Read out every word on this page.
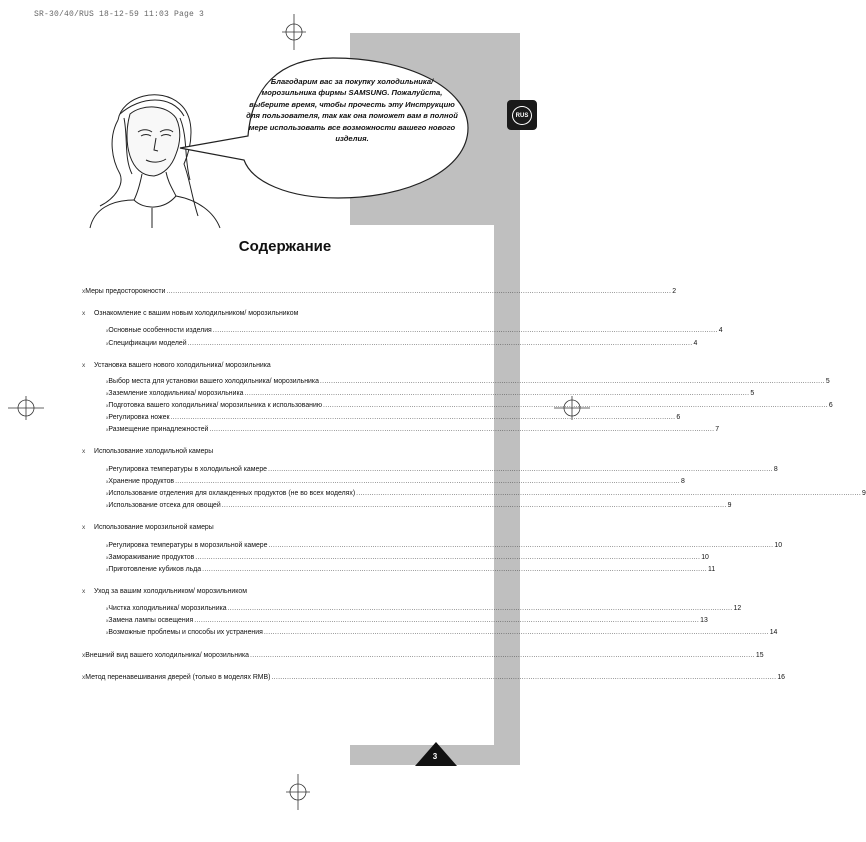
SR-30/40/RUS 18-12-59 11:03 Page 3
RUS
Благодарим вас за покупку холодильника/ морозильника фирмы SAMSUNG. Пожалуйста, выберите время, чтобы прочесть эту Инструкцию для пользователя, так как она поможет вам в полной мере использовать все возможности вашего нового изделия.
Содержание
x Меры предосторожности .................................................................................................................................................................................................................................... 2
x	Ознакомление с вашим новым холодильником/ морозильником
x Основные особенности изделия .................................................................................................................................................................................................................................... 4
x Спецификации моделей .................................................................................................................................................................................................................................... 4
x	Установка вашего нового холодильника/ морозильника
x Выбор места для установки вашего холодильника/ морозильника .................................................................................................................................................................................................................................... 5
x Заземление холодильника/ морозильника .................................................................................................................................................................................................................................... 5
x Подготовка вашего холодильника/ морозильника к использованию .................................................................................................................................................................................................................................... 6
x Регулировка ножек .................................................................................................................................................................................................................................... 6
x Размещение принадлежностей .................................................................................................................................................................................................................................... 7
x	Использование холодильной камеры
x Регулировка температуры в холодильной камере .................................................................................................................................................................................................................................... 8
x Хранение продуктов .................................................................................................................................................................................................................................... 8
x Использование отделения для охлажденных продуктов (не во всех моделях) .................................................................................................................................................................................................................................... 9
x Использование отсека для овощей .................................................................................................................................................................................................................................... 9
x	Использование морозильной камеры
x Регулировка температуры в морозильной камере .................................................................................................................................................................................................................................... 10
x Замораживание продуктов .................................................................................................................................................................................................................................... 10
x Приготовление кубиков льда .................................................................................................................................................................................................................................... 11
x	Уход за вашим холодильником/ морозильником
x Чистка холодильника/ морозильника .................................................................................................................................................................................................................................... 12
x Замена лампы освещения .................................................................................................................................................................................................................................... 13
x Возможные проблемы и способы их устранения .................................................................................................................................................................................................................................... 14
x Внешний вид вашего холодильника/ морозильника .................................................................................................................................................................................................................................... 15
x Метод перенавешивания дверей (только в моделях RMB) .................................................................................................................................................................................................................................... 16
3
